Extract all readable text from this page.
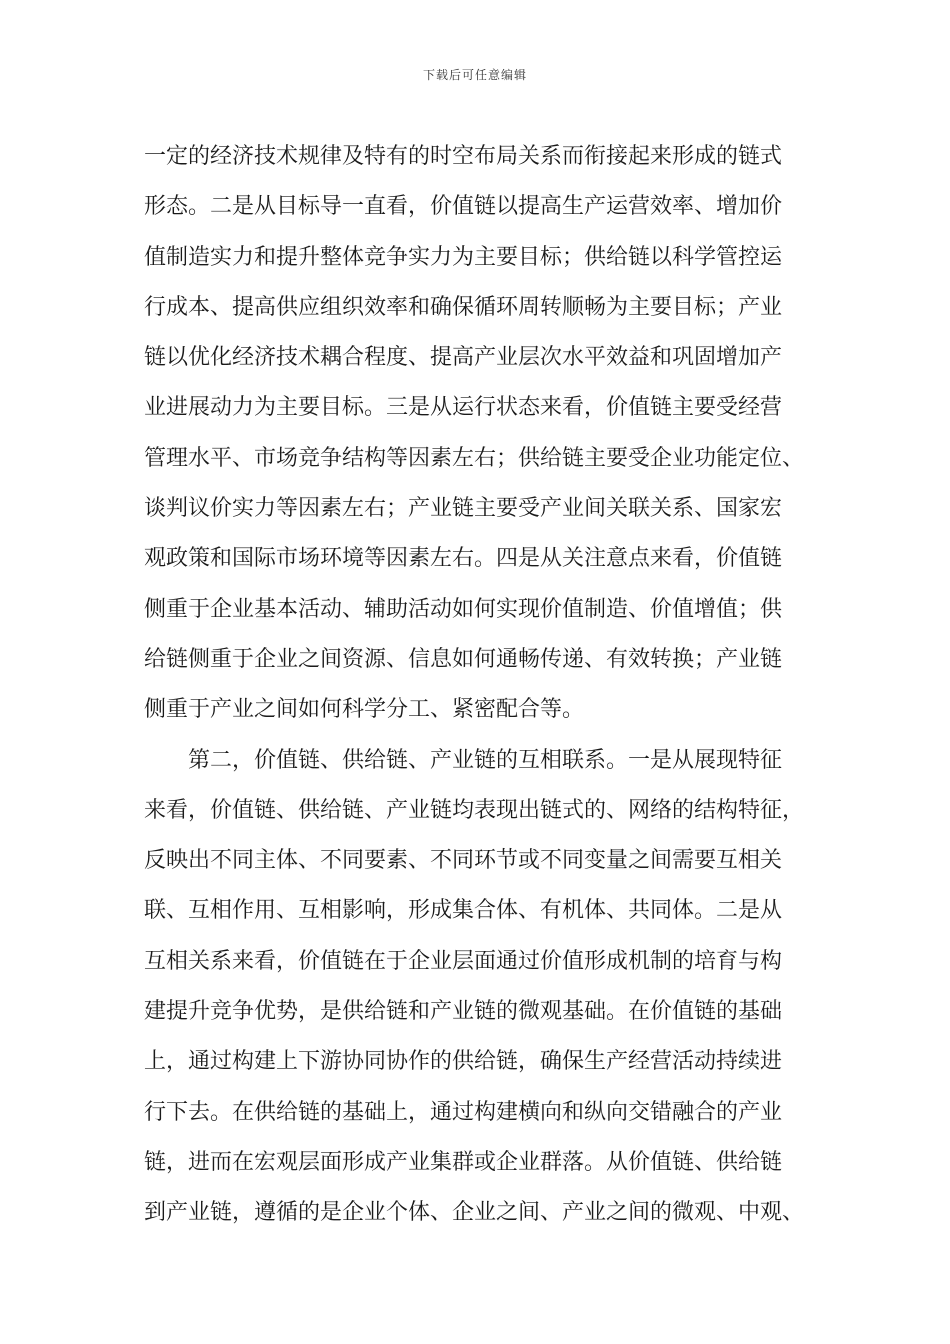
下载后可任意编辑
一定的经济技术规律及特有的时空布局关系而衔接起来形成的链式
形态。二是从目标导一直看，价值链以提高生产运营效率、增加价
值制造实力和提升整体竞争实力为主要目标；供给链以科学管控运
行成本、提高供应组织效率和确保循环周转顺畅为主要目标；产业
链以优化经济技术耦合程度、提高产业层次水平效益和巩固增加产
业进展动力为主要目标。三是从运行状态来看，价值链主要受经营
管理水平、市场竞争结构等因素左右；供给链主要受企业功能定位、
谈判议价实力等因素左右；产业链主要受产业间关联关系、国家宏
观政策和国际市场环境等因素左右。四是从关注意点来看，价值链
侧重于企业基本活动、辅助活动如何实现价值制造、价值增值；供
给链侧重于企业之间资源、信息如何通畅传递、有效转换；产业链
侧重于产业之间如何科学分工、紧密配合等。
第二，价值链、供给链、产业链的互相联系。一是从展现特征
来看，价值链、供给链、产业链均表现出链式的、网络的结构特征，
反映出不同主体、不同要素、不同环节或不同变量之间需要互相关
联、互相作用、互相影响，形成集合体、有机体、共同体。二是从
互相关系来看，价值链在于企业层面通过价值形成机制的培育与构
建提升竞争优势，是供给链和产业链的微观基础。在价值链的基础
上，通过构建上下游协同协作的供给链，确保生产经营活动持续进
行下去。在供给链的基础上，通过构建横向和纵向交错融合的产业
链，进而在宏观层面形成产业集群或企业群落。从价值链、供给链
到产业链，遵循的是企业个体、企业之间、产业之间的微观、中观、
